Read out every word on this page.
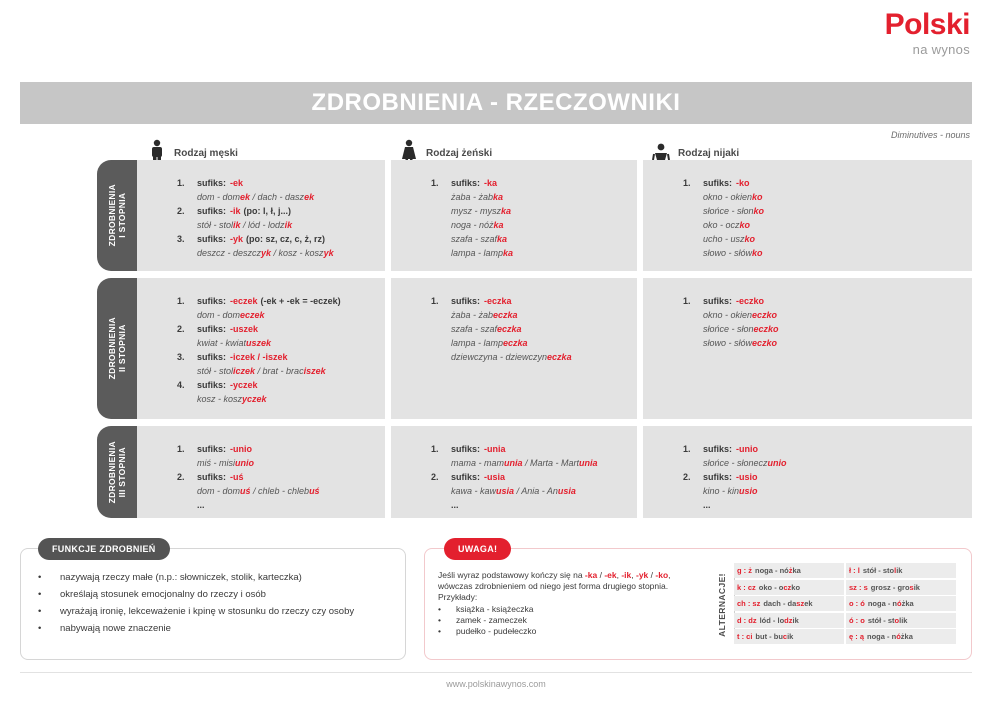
Polski
na wynos
ZDROBNIENIA - RZECZOWNIKI
Diminutives - nouns
Rodzaj męski	Rodzaj żeński	Rodzaj nijaki
ZDROBNIENIA
I STOPNIA
ZDROBNIENIA
II STOPNIA
ZDROBNIENIA
III STOPNIA
1.	sufiks: -ek
dom - domek / dach - daszek
2.	sufiks: -ik (po: l, ł, j...)
stół - stolik / lód - lodzik
3.	sufiks: -yk (po: sz, cz, c, ż, rz)
deszcz - deszczyk / kosz - koszyk
1.	sufiks: -ka
żaba - żabka
mysz - myszka
noga - nóżka
szafa - szafka
lampa - lampka
1.	sufiks: -ko
okno - okienko
słońce - słonko
oko - oczko
ucho - uszko
słowo - słówko
1.	sufiks: -eczek (-ek + -ek = -eczek)
dom - domeczek
2.	sufiks: -uszek
kwiat - kwiatuszek
3.	sufiks: -iczek / -iszek
stół - stoliczek / brat - braciszek
4.	sufiks: -yczek
kosz - koszyczek
1.	sufiks: -eczka
żaba - żabeczka
szafa - szafeczka
lampa - lampeczka
dziewczyna - dziewczyneczka
1.	sufiks: -eczko
okno - okieneczko
słońce - słoneczko
słowo - słóweczko
1.	sufiks: -unio
miś - misiunio
2.	sufiks: -uś
dom - domuś / chleb - chlebuś
...
1.	sufiks: -unia
mama - mamunia / Marta - Martunia
2.	sufiks: -usia
kawa - kawusia / Ania - Anusia
...
1.	sufiks: -unio
słońce - słoneczunio
2.	sufiks: -usio
kino - kinusio
...
FUNKCJE ZDROBNIEŃ
• nazywają rzeczy małe (n.p.: słowniczek, stolik, karteczka)
• określają stosunek emocjonalny do rzeczy i osób
• wyrażają ironię, lekceważenie i kpinę w stosunku do rzeczy czy osoby
• nabywają nowe znaczenie
UWAGA!
Jeśli wyraz podstawowy kończy się na -ka / -ek, -ik, -yk / -ko,
wówczas zdrobnieniem od niego jest forma drugiego stopnia.
Przykłady:
• książka - książeczka
• zamek - zameczek
• pudełko - pudełeczko	ALTERNACJE!
g : ż noga - nóżka	ł : l stół - stolik
k : cz oko - oczko	sz : s grosz - grosik
ch : sz dach - daszek	o : ó noga - nóżka
d : dz lód - lodzik	ó : o stół - stolik
t : ci but - bucik	ę : ą noga - nóżka
www.polskinawynos.com
